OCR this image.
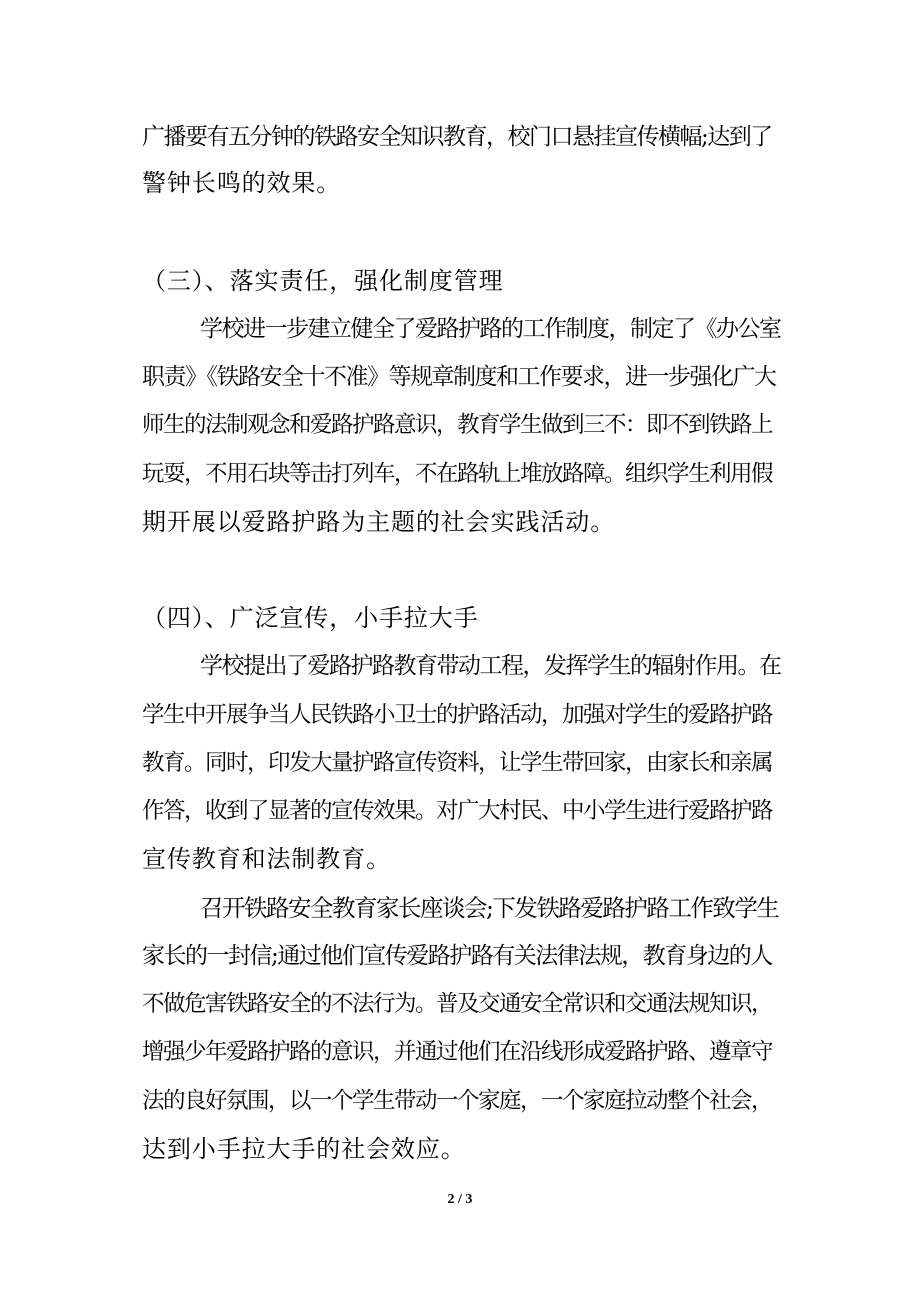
广播要有五分钟的铁路安全知识教育，校门口悬挂宣传横幅;达到了
警钟长鸣的效果。
（三）、落实责任，强化制度管理
学校进一步建立健全了爱路护路的工作制度，制定了《办公室
职责》《铁路安全十不准》等规章制度和工作要求，进一步强化广大
师生的法制观念和爱路护路意识，教育学生做到三不：即不到铁路上
玩耍，不用石块等击打列车，不在路轨上堆放路障。组织学生利用假
期开展以爱路护路为主题的社会实践活动。
（四）、广泛宣传，小手拉大手
学校提出了爱路护路教育带动工程，发挥学生的辐射作用。在
学生中开展争当人民铁路小卫士的护路活动，加强对学生的爱路护路
教育。同时，印发大量护路宣传资料，让学生带回家，由家长和亲属
作答，收到了显著的宣传效果。对广大村民、中小学生进行爱路护路
宣传教育和法制教育。
召开铁路安全教育家长座谈会;下发铁路爱路护路工作致学生
家长的一封信;通过他们宣传爱路护路有关法律法规，教育身边的人
不做危害铁路安全的不法行为。普及交通安全常识和交通法规知识，
增强少年爱路护路的意识，并通过他们在沿线形成爱路护路、遵章守
法的良好氛围，以一个学生带动一个家庭，一个家庭拉动整个社会，
达到小手拉大手的社会效应。
2 / 3
